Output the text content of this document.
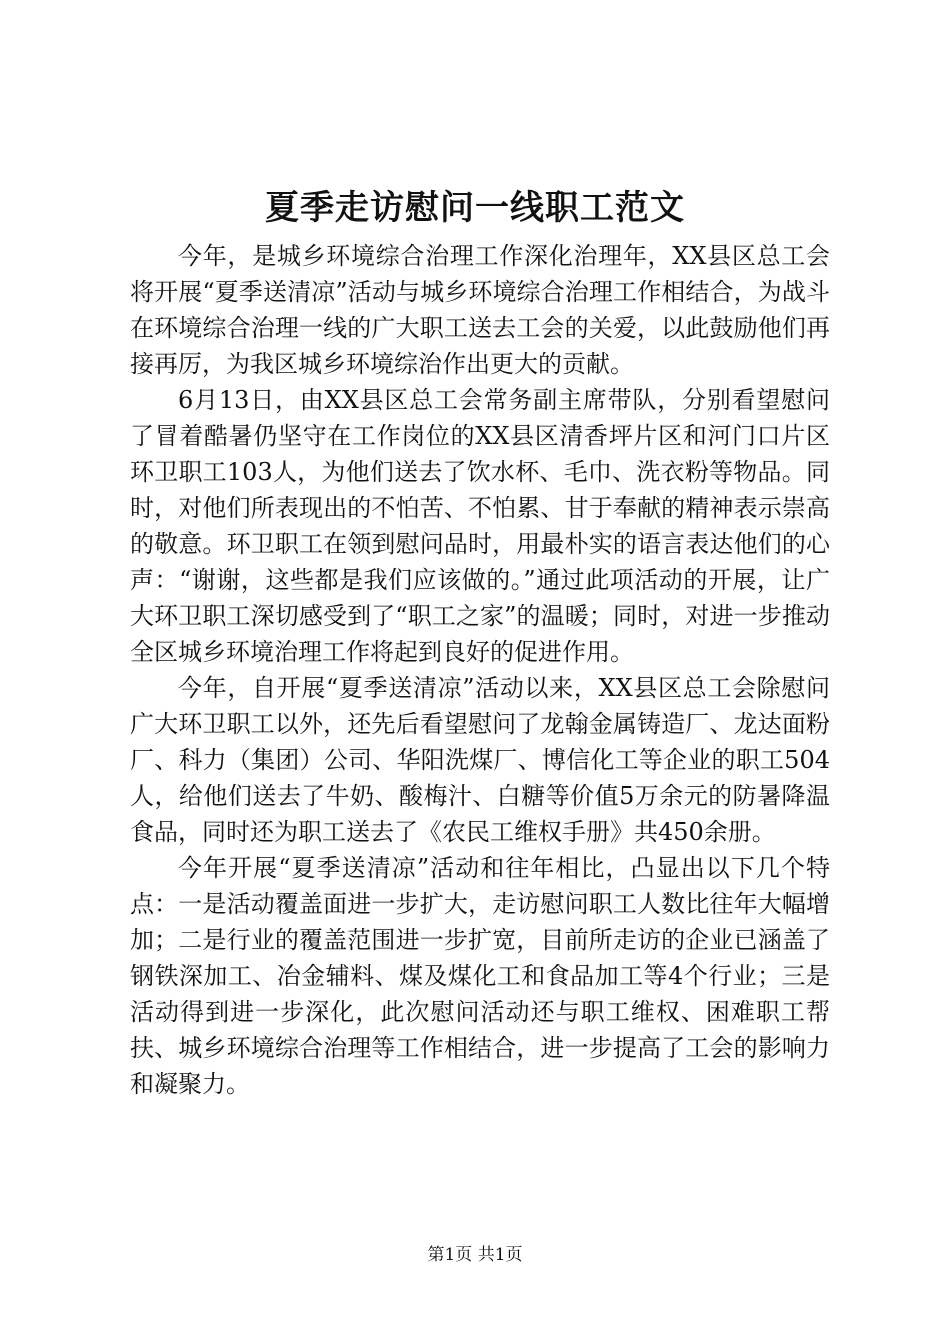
夏季走访慰问一线职工范文

今年，是城乡环境综合治理工作深化治理年，XX县区总工会将开展“夏季送清凉”活动与城乡环境综合治理工作相结合，为战斗在环境综合治理一线的广大职工送去工会的关爱，以此鼓励他们再接再厉，为我区城乡环境综治作出更大的贡献。

6月13日，由XX县区总工会常务副主席带队，分别看望慰问了冒着酷暑仍坚守在工作岗位的XX县区清香坪片区和河门口片区环卫职工103人，为他们送去了饮水杯、毛巾、洗衣粉等物品。同时，对他们所表现出的不怕苦、不怕累、甘于奉献的精神表示崇高的敬意。环卫职工在领到慰问品时，用最朴实的语言表达他们的心声：“谢谢，这些都是我们应该做的。”通过此项活动的开展，让广大环卫职工深切感受到了“职工之家”的温暖；同时，对进一步推动全区城乡环境治理工作将起到良好的促进作用。

今年，自开展“夏季送清凉”活动以来，XX县区总工会除慰问广大环卫职工以外，还先后看望慰问了龙翰金属铸造厂、龙达面粉厂、科力（集团）公司、华阳洗煤厂、博信化工等企业的职工504人，给他们送去了牛奶、酸梅汁、白糖等价值5万余元的防暑降温食品，同时还为职工送去了《农民工维权手册》共450余册。

今年开展“夏季送清凉”活动和往年相比，凸显出以下几个特点：一是活动覆盖面进一步扩大，走访慰问职工人数比往年大幅增加；二是行业的覆盖范围进一步扩宽，目前所走访的企业已涵盖了钢铁深加工、冶金辅料、煤及煤化工和食品加工等4个行业；三是活动得到进一步深化，此次慰问活动还与职工维权、困难职工帮扶、城乡环境综合治理等工作相结合，进一步提高了工会的影响力和凝聚力。

第1页 共1页
